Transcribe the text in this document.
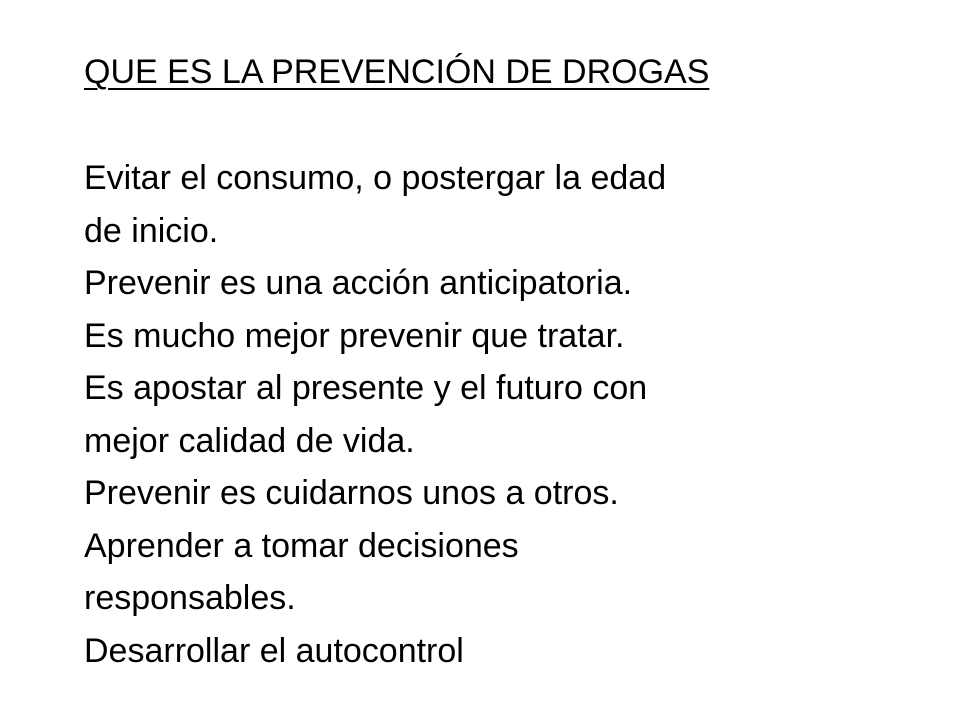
QUE ES LA PREVENCIÓN DE DROGAS

Evitar el consumo, o postergar la edad

de inicio.

Prevenir es una acción anticipatoria.

Es mucho mejor prevenir que tratar.

Es apostar al presente y el futuro con

mejor calidad de vida.

Prevenir es cuidarnos unos a otros.

Aprender a tomar decisiones

responsables.

Desarrollar el autocontrol
